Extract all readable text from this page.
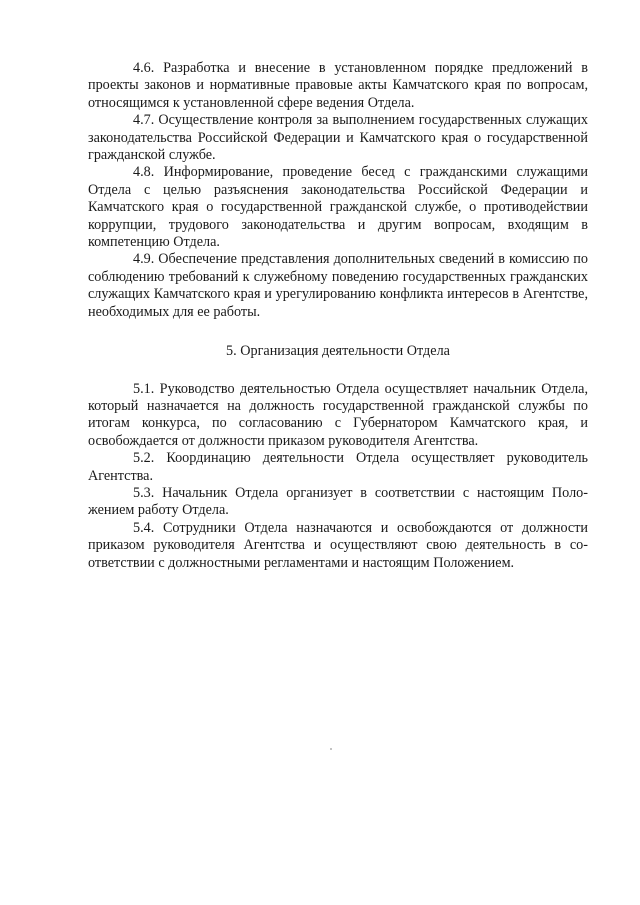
4.6. Разработка и внесение в установленном порядке предложений в проекты законов и нормативные правовые акты Камчатского края по вопросам, относящимся к установленной сфере ведения Отдела.

4.7. Осуществление контроля за выполнением государственных служащих законодательства Российской Федерации и Камчатского края о государственной гражданской службе.

4.8. Информирование, проведение бесед с гражданскими служащими Отдела с целью разъяснения законодательства Российской Федерации и Камчатского края о государственной гражданской службе, о противодействии коррупции, трудового законодательства и другим вопросам, входящим в компетенцию Отдела.

4.9. Обеспечение представления дополнительных сведений в комиссию по соблюдению требований к служебному поведению государственных гражданских служащих Камчатского края и урегулированию конфликта интересов в Агентстве, необходимых для ее работы.

5. Организация деятельности Отдела

5.1. Руководство деятельностью Отдела осуществляет начальник Отдела, который назначается на должность государственной гражданской службы по итогам конкурса, по согласованию с Губернатором Камчатского края, и освобождается от должности приказом руководителя Агентства.

5.2. Координацию деятельности Отдела осуществляет руководитель Агентства.

5.3. Начальник Отдела организует в соответствии с настоящим Положением работу Отдела.

5.4. Сотрудники Отдела назначаются и освобождаются от должности приказом руководителя Агентства и осуществляют свою деятельность в соответствии с должностными регламентами и настоящим Положением.
